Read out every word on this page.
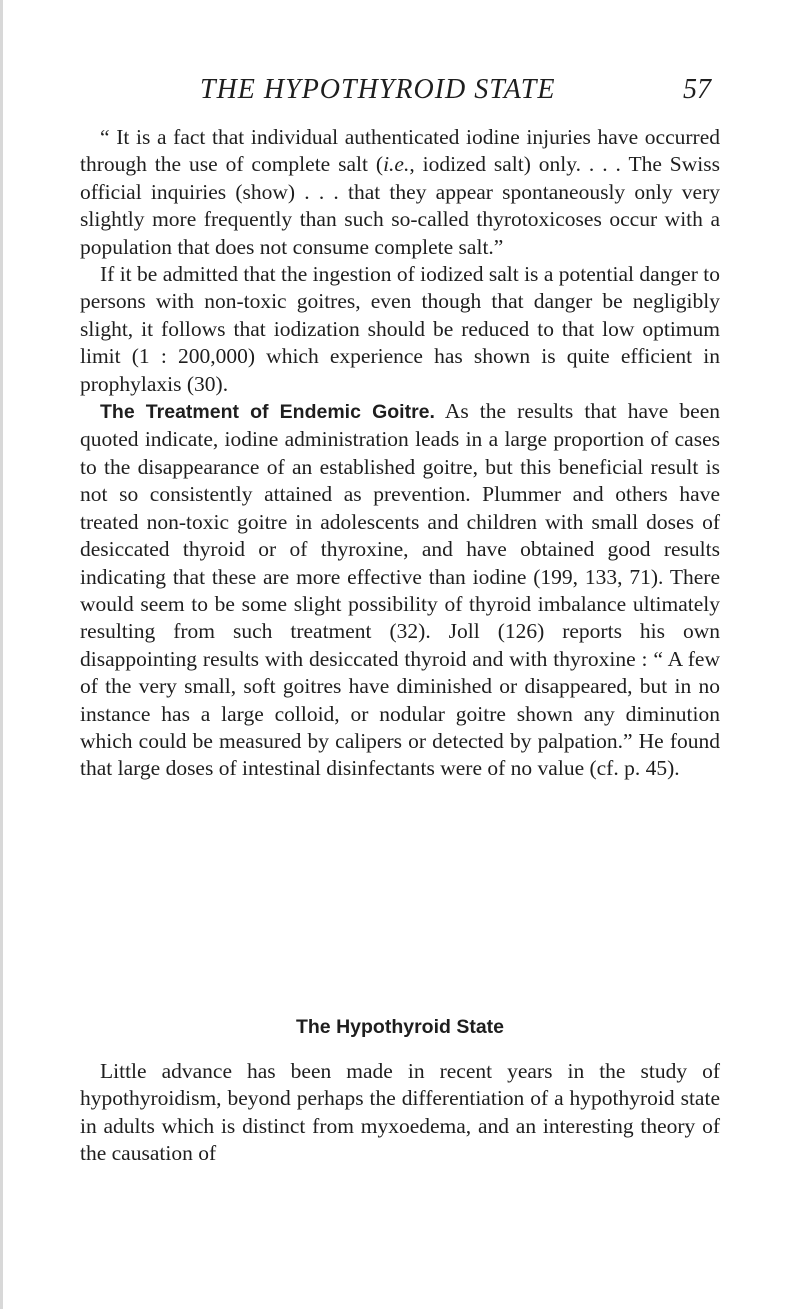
THE HYPOTHYROID STATE	57

“ It is a fact that individual authenticated iodine injuries have occurred through the use of complete salt (i.e., iodized salt) only. . . . The Swiss official inquiries (show) . . . that they appear spontaneously only very slightly more frequently than such so-called thyrotoxicoses occur with a population that does not consume complete salt.”

If it be admitted that the ingestion of iodized salt is a potential danger to persons with non-toxic goitres, even though that danger be negligibly slight, it follows that iodization should be reduced to that low optimum limit (1 : 200,000) which experience has shown is quite efficient in prophylaxis (30).

The Treatment of Endemic Goitre. As the results that have been quoted indicate, iodine administration leads in a large proportion of cases to the disappearance of an established goitre, but this beneficial result is not so consistently attained as prevention. Plummer and others have treated non-toxic goitre in adolescents and children with small doses of desiccated thyroid or of thyroxine, and have obtained good results indicating that these are more effective than iodine (199, 133, 71). There would seem to be some slight possibility of thyroid imbalance ultimately resulting from such treatment (32). Joll (126) reports his own disappointing results with desiccated thyroid and with thyroxine : “ A few of the very small, soft goitres have diminished or disappeared, but in no instance has a large colloid, or nodular goitre shown any diminution which could be measured by calipers or detected by palpation.” He found that large doses of intestinal disinfectants were of no value (cf. p. 45).

The Hypothyroid State

Little advance has been made in recent years in the study of hypothyroidism, beyond perhaps the differentiation of a hypothyroid state in adults which is distinct from myxoedema, and an interesting theory of the causation of
